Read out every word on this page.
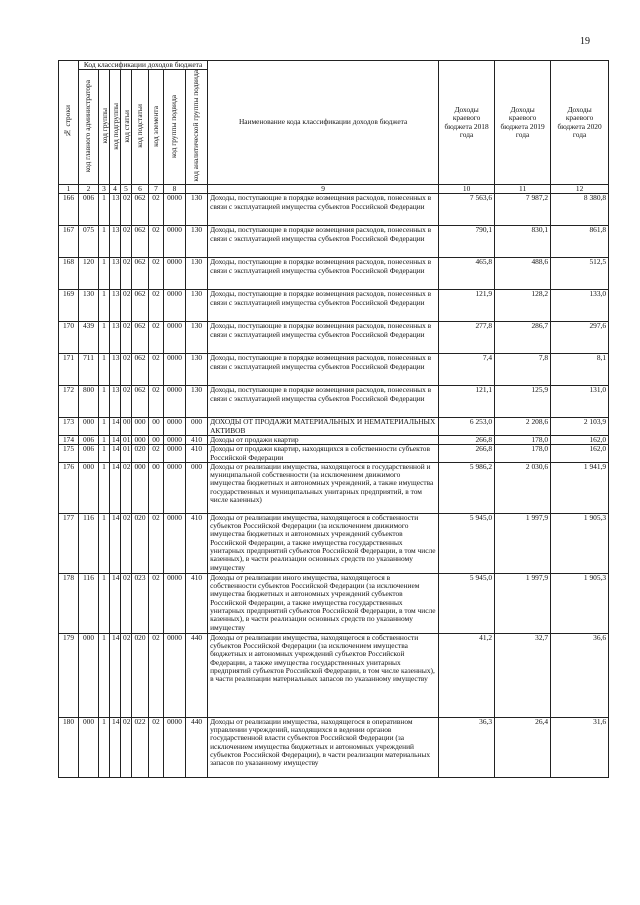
19
№ строки	Код классификации доходов бюджета								Наименование кода классификации доходов бюджета	Доходы краевого бюджета 2018 года	Доходы краевого бюджета 2019 года	Доходы краевого бюджета 2020 года
	код главного администратора	код группы	код подгруппы	код статьи	код подстатьи	код элемента	код группы подвида	код аналитической группы подвида				
1	2	3	4	5	6	7	8		9	10	11	12
166	006	1	13	02	062	02	0000	130	Доходы, поступающие в порядке возмещения расходов, понесенных в связи с эксплуатацией имущества субъектов Российской Федерации	7 563,6	7 987,2	8 380,8
167	075	1	13	02	062	02	0000	130	Доходы, поступающие в порядке возмещения расходов, понесенных в связи с эксплуатацией имущества субъектов Российской Федерации	790,1	830,1	861,8
168	120	1	13	02	062	02	0000	130	Доходы, поступающие в порядке возмещения расходов, понесенных в связи с эксплуатацией имущества субъектов Российской Федерации	465,8	488,6	512,5
169	130	1	13	02	062	02	0000	130	Доходы, поступающие в порядке возмещения расходов, понесенных в связи с эксплуатацией имущества субъектов Российской Федерации	121,9	128,2	133,0
170	439	1	13	02	062	02	0000	130	Доходы, поступающие в порядке возмещения расходов, понесенных в связи с эксплуатацией имущества субъектов Российской Федерации	277,8	286,7	297,6
171	711	1	13	02	062	02	0000	130	Доходы, поступающие в порядке возмещения расходов, понесенных в связи с эксплуатацией имущества субъектов Российской Федерации	7,4	7,8	8,1
172	800	1	13	02	062	02	0000	130	Доходы, поступающие в порядке возмещения расходов, понесенных в связи с эксплуатацией имущества субъектов Российской Федерации	121,1	125,9	131,0
173	000	1	14	00	000	00	0000	000	ДОХОДЫ ОТ ПРОДАЖИ МАТЕРИАЛЬНЫХ И НЕМАТЕРИАЛЬНЫХ АКТИВОВ	6 253,0	2 208,6	2 103,9
174	006	1	14	01	000	00	0000	410	Доходы от продажи квартир	266,8	178,0	162,0
175	006	1	14	01	020	02	0000	410	Доходы от продажи квартир, находящихся в собственности субъектов Российской Федерации	266,8	178,0	162,0
176	000	1	14	02	000	00	0000	000	Доходы от реализации имущества, находящегося в государственной и муниципальной собственности (за исключением движимого имущества бюджетных и автономных учреждений, а также имущества государственных и муниципальных унитарных предприятий, в том числе казенных)	5 986,2	2 030,6	1 941,9
177	116	1	14	02	020	02	0000	410	Доходы от реализации имущества, находящегося в собственности субъектов Российской Федерации (за исключением движимого имущества бюджетных и автономных учреждений субъектов Российской Федерации, а также имущества государственных унитарных предприятий субъектов Российской Федерации, в том числе казенных), в части реализации основных средств по указанному имуществу	5 945,0	1 997,9	1 905,3
178	116	1	14	02	023	02	0000	410	Доходы от реализации иного имущества, находящегося в собственности субъектов Российской Федерации (за исключением имущества бюджетных и автономных учреждений субъектов Российской Федерации, а также имущества государственных унитарных предприятий субъектов Российской Федерации, в том числе казенных), в части реализации основных средств по указанному имуществу	5 945,0	1 997,9	1 905,3
179	000	1	14	02	020	02	0000	440	Доходы от реализации имущества, находящегося в собственности субъектов Российской Федерации (за исключением имущества бюджетных и автономных учреждений субъектов Российской Федерации, а также имущества государственных унитарных предприятий субъектов Российской Федерации, в том числе казенных), в части реализации материальных запасов по указанному имуществу	41,2	32,7	36,6
180	000	1	14	02	022	02	0000	440	Доходы от реализации имущества, находящегося в оперативном управлении учреждений, находящихся в ведении органов государственной власти субъектов Российской Федерации (за исключением имущества бюджетных и автономных учреждений субъектов Российской Федерации), в части реализации материальных запасов по указанному имуществу	36,3	26,4	31,6
